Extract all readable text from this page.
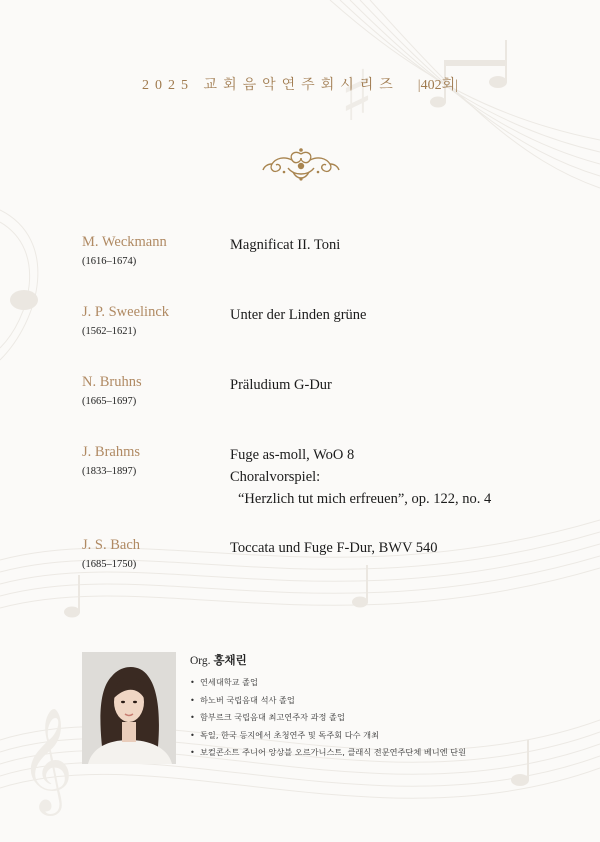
𝄞
♯
2025 교회음악연주회시리즈 |402회|
M. Weckmann
(1616–1674)
Magnificat II. Toni
J. P. Sweelinck
(1562–1621)
Unter der Linden grüne
N. Bruhns
(1665–1697)
Präludium G-Dur
J. Brahms
(1833–1897)
Fuge as-moll, WoO 8
Choralvorspiel:
“Herzlich tut mich erfreuen”, op. 122, no. 4
J. S. Bach
(1685–1750)
Toccata und Fuge F-Dur, BWV 540
Org. 홍채린
• 연세대학교 졸업
• 하노버 국립음대 석사 졸업
• 함부르크 국립음대 최고연주자 과정 졸업
• 독일, 한국 등지에서 초청연주 및 독주회 다수 개최
• 보컬콘소트 주니어 앙상블 오르가니스트, 클래식 전문연주단체 베니엔 단원
